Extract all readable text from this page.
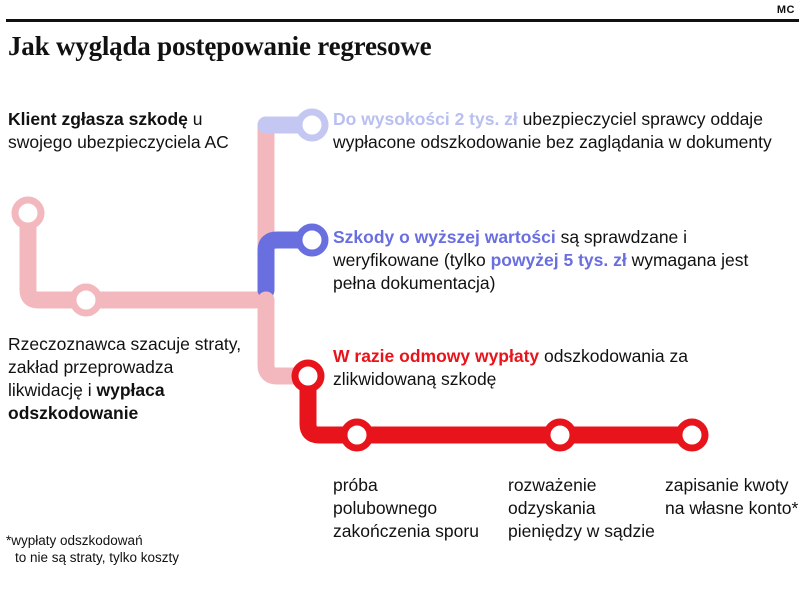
MC
Jak wygląda postępowanie regresowe
Klient zgłasza szkodę u swojego ubezpieczyciela AC
Rzeczoznawca szacuje straty, zakład przeprowadza likwidację i wypłaca odszkodowanie
Do wysokości 2 tys. zł ubezpieczyciel sprawcy oddaje wypłacone odszkodowanie bez zaglądania w dokumenty
Szkody o wyższej wartości są sprawdzane i weryfikowane (tylko powyżej 5 tys. zł wymagana jest pełna dokumentacja)
W razie odmowy wypłaty odszkodowania za zlikwidowaną szkodę
próba polubownego zakończenia sporu
rozważenie odzyskania pieniędzy w sądzie
zapisanie kwoty na własne konto*
*wypłaty odszkodowań
to nie są straty, tylko koszty
